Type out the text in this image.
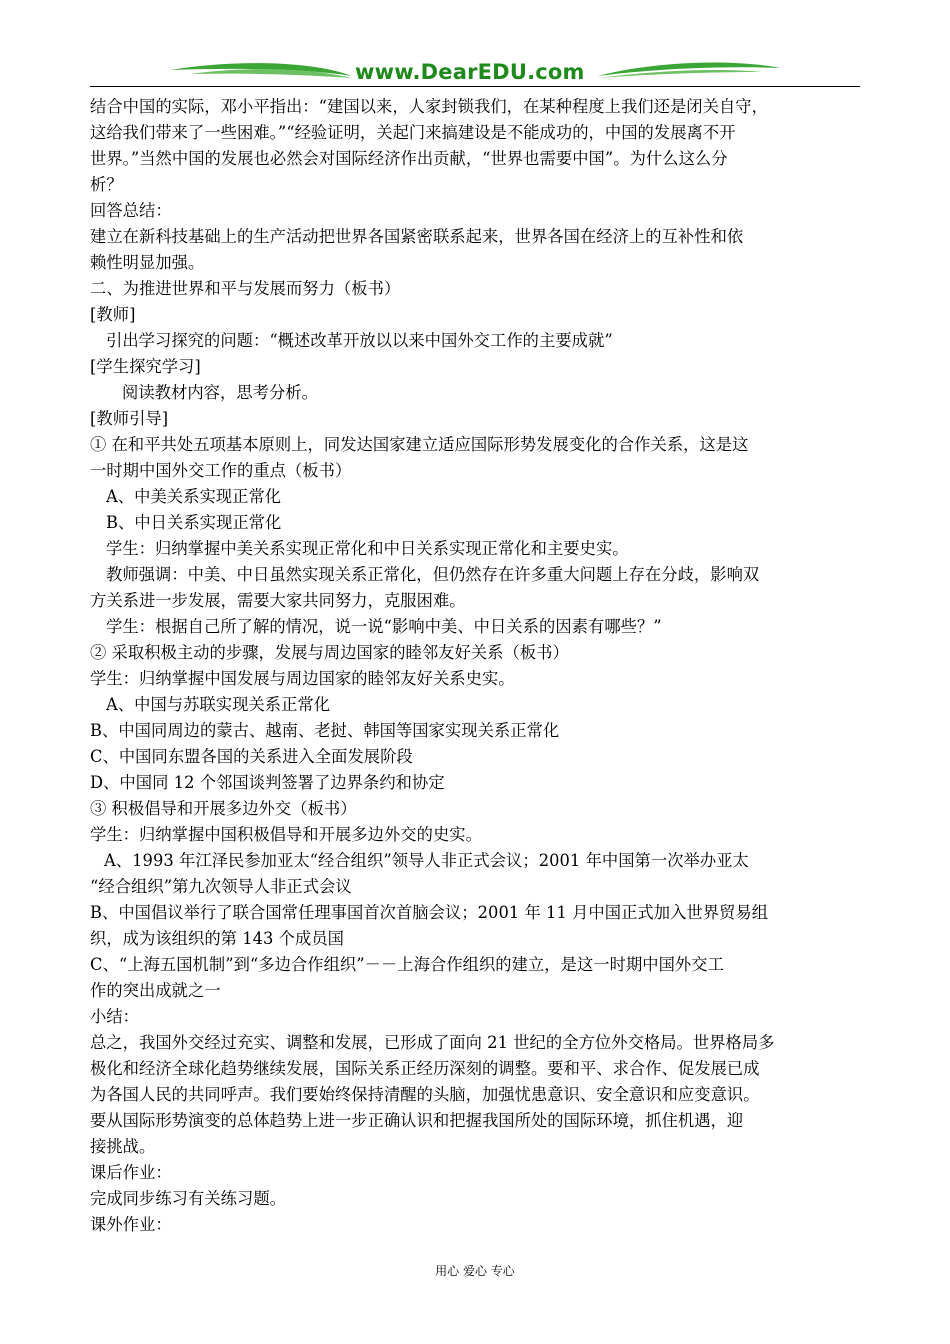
www.DearEDU.com
结合中国的实际，邓小平指出：“建国以来，人家封锁我们，在某种程度上我们还是闭关自守，
这给我们带来了一些困难。”“经验证明，关起门来搞建设是不能成功的，中国的发展离不开
世界。”当然中国的发展也必然会对国际经济作出贡献，“世界也需要中国”。为什么这么分
析？
回答总结：
建立在新科技基础上的生产活动把世界各国紧密联系起来，世界各国在经济上的互补性和依
赖性明显加强。
二、为推进世界和平与发展而努力（板书）
[教师]
引出学习探究的问题：“概述改革开放以以来中国外交工作的主要成就”
[学生探究学习]
阅读教材内容，思考分析。
[教师引导]
① 在和平共处五项基本原则上，同发达国家建立适应国际形势发展变化的合作关系，这是这
一时期中国外交工作的重点（板书）
A、中美关系实现正常化
B、中日关系实现正常化
学生：归纳掌握中美关系实现正常化和中日关系实现正常化和主要史实。
教师强调：中美、中日虽然实现关系正常化，但仍然存在许多重大问题上存在分歧，影响双
方关系进一步发展，需要大家共同努力，克服困难。
学生：根据自己所了解的情况，说一说“影响中美、中日关系的因素有哪些？”
② 采取积极主动的步骤，发展与周边国家的睦邻友好关系（板书）
学生：归纳掌握中国发展与周边国家的睦邻友好关系史实。
A、中国与苏联实现关系正常化
B、中国同周边的蒙古、越南、老挝、韩国等国家实现关系正常化
C、中国同东盟各国的关系进入全面发展阶段
D、中国同 12 个邻国谈判签署了边界条约和协定
③ 积极倡导和开展多边外交（板书）
学生：归纳掌握中国积极倡导和开展多边外交的史实。
A、1993 年江泽民参加亚太“经合组织”领导人非正式会议；2001 年中国第一次举办亚太
“经合组织”第九次领导人非正式会议
B、中国倡议举行了联合国常任理事国首次首脑会议；2001 年 11 月中国正式加入世界贸易组
织，成为该组织的第 143 个成员国
C、“上海五国机制”到“多边合作组织”－－上海合作组织的建立，是这一时期中国外交工
作的突出成就之一
小结：
总之，我国外交经过充实、调整和发展，已形成了面向 21 世纪的全方位外交格局。世界格局多
极化和经济全球化趋势继续发展，国际关系正经历深刻的调整。要和平、求合作、促发展已成
为各国人民的共同呼声。我们要始终保持清醒的头脑，加强忧患意识、安全意识和应变意识。
要从国际形势演变的总体趋势上进一步正确认识和把握我国所处的国际环境，抓住机遇，迎
接挑战。
课后作业：
完成同步练习有关练习题。
课外作业：
用心 爱心 专心
